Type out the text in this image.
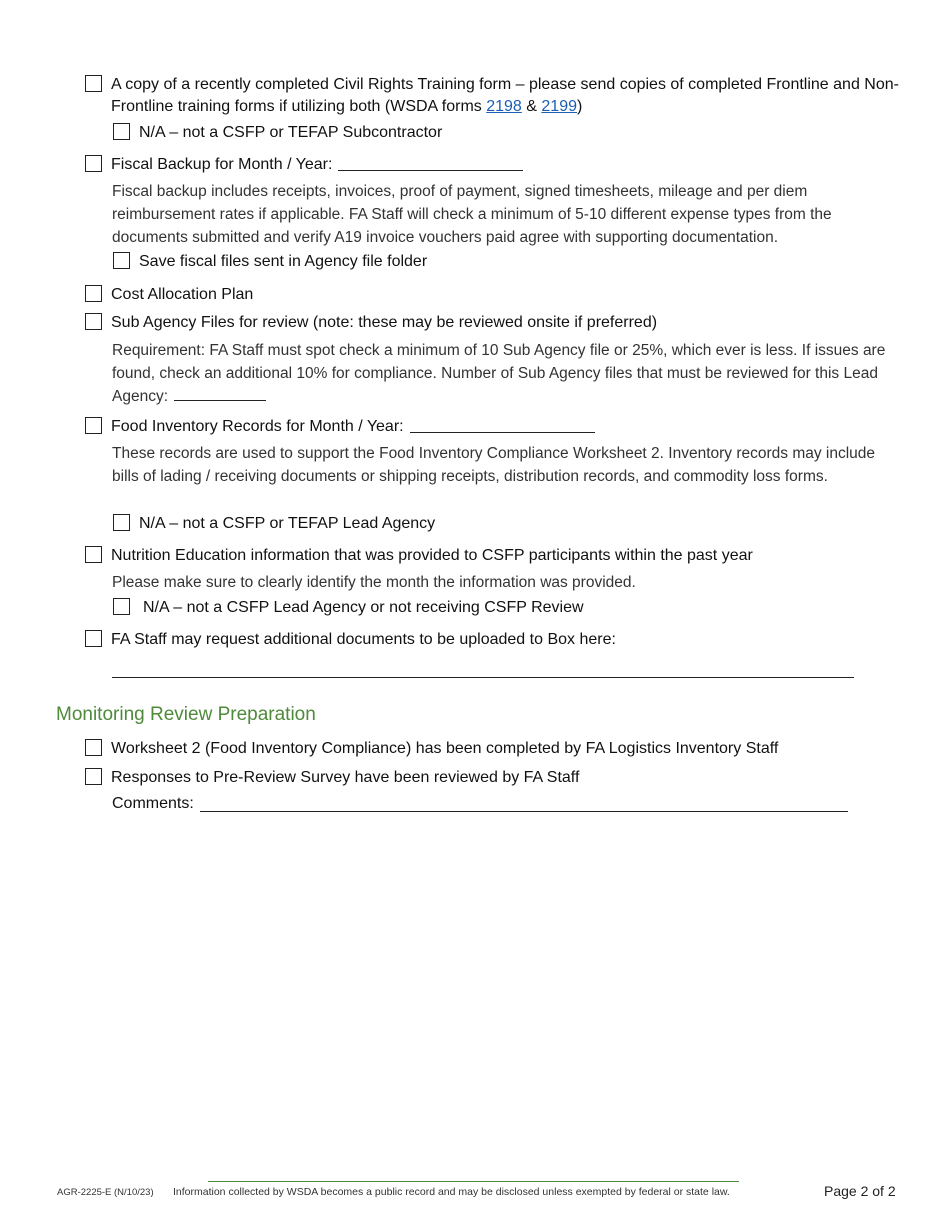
A copy of a recently completed Civil Rights Training form – please send copies of completed Frontline and Non-Frontline training forms if utilizing both (WSDA forms 2198 & 2199)
N/A – not a CSFP or TEFAP Subcontractor
Fiscal Backup for Month / Year:
Fiscal backup includes receipts, invoices, proof of payment, signed timesheets, mileage and per diem reimbursement rates if applicable. FA Staff will check a minimum of 5-10 different expense types from the documents submitted and verify A19 invoice vouchers paid agree with supporting documentation.
Save fiscal files sent in Agency file folder
Cost Allocation Plan
Sub Agency Files for review (note: these may be reviewed onsite if preferred)
Requirement: FA Staff must spot check a minimum of 10 Sub Agency file or 25%, which ever is less. If issues are found, check an additional 10% for compliance. Number of Sub Agency files that must be reviewed for this Lead Agency:
Food Inventory Records for Month / Year:
These records are used to support the Food Inventory Compliance Worksheet 2. Inventory records may include bills of lading / receiving documents or shipping receipts, distribution records, and commodity loss forms.
N/A – not a CSFP or TEFAP Lead Agency
Nutrition Education information that was provided to CSFP participants within the past year
Please make sure to clearly identify the month the information was provided.
N/A – not a CSFP Lead Agency or not receiving CSFP Review
FA Staff may request additional documents to be uploaded to Box here:
Monitoring Review Preparation
Worksheet 2 (Food Inventory Compliance) has been completed by FA Logistics Inventory Staff
Responses to Pre-Review Survey have been reviewed by FA Staff
Comments:
AGR-2225-E (N/10/23) Information collected by WSDA becomes a public record and may be disclosed unless exempted by federal or state law.	Page 2 of 2
